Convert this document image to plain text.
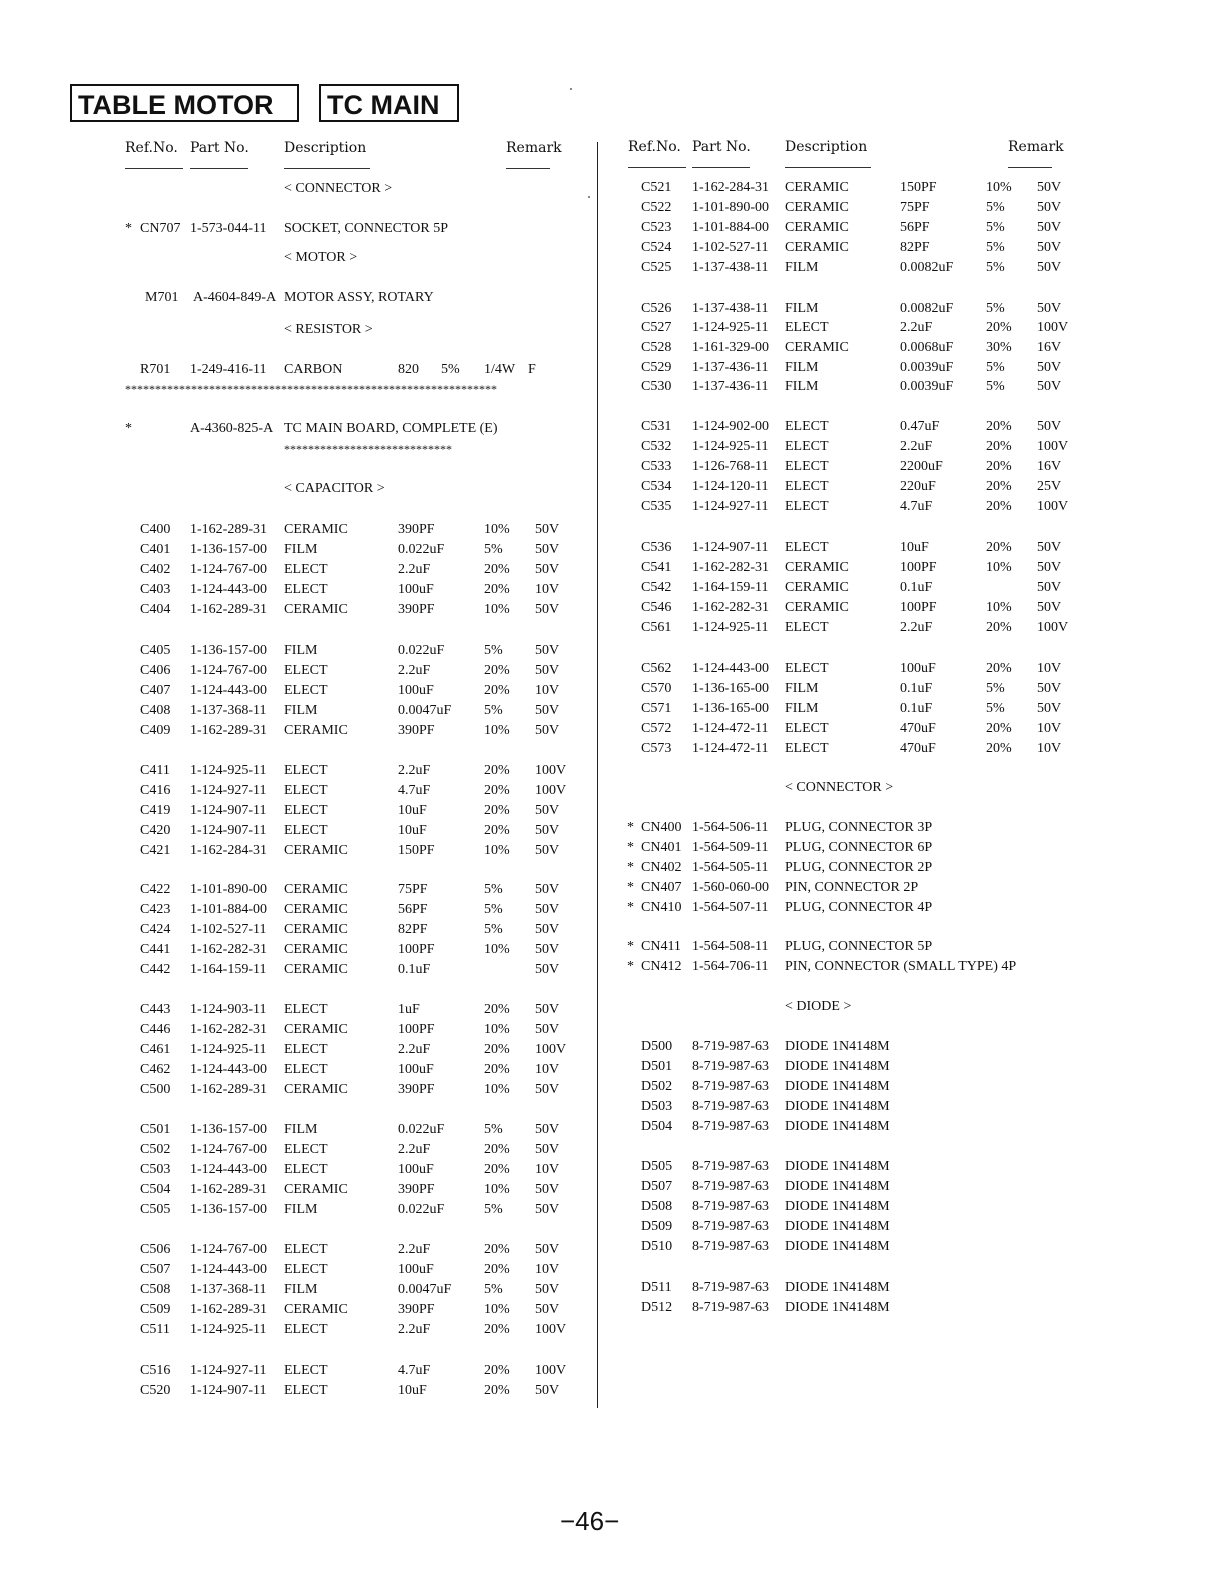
TABLE MOTOR	TC MAIN
Ref.No. Part No.	Description	Remark	Ref.No. Part No. Description	Remark
< CONNECTOR >
* CN707 1-573-044-11 SOCKET, CONNECTOR 5P
< MOTOR >
M701 A-4604-849-A MOTOR ASSY, ROTARY
< RESISTOR >
R701 1-249-416-11 CARBON	820 5% 1/4W F
**************************************************************
*	A-4360-825-A TC MAIN BOARD, COMPLETE (E)
****************************
< CAPACITOR >
C400 1-162-289-31 CERAMIC	390PF	10% 50V
C401 1-136-157-00 FILM	0.022uF	5% 50V
C402 1-124-767-00 ELECT	2.2uF	20% 50V
C403 1-124-443-00 ELECT	100uF	20% 10V
C404 1-162-289-31 CERAMIC	390PF	10% 50V
C405 1-136-157-00 FILM	0.022uF	5% 50V
C406 1-124-767-00 ELECT	2.2uF	20% 50V
C407 1-124-443-00 ELECT	100uF	20% 10V
C408 1-137-368-11 FILM	0.0047uF 5% 50V
C409 1-162-289-31 CERAMIC	390PF	10% 50V
C411 1-124-925-11 ELECT	2.2uF	20% 100V
C416 1-124-927-11 ELECT	4.7uF	20% 100V
C419 1-124-907-11 ELECT	10uF	20% 50V
C420 1-124-907-11 ELECT	10uF	20% 50V
C421 1-162-284-31 CERAMIC	150PF	10% 50V
C422 1-101-890-00 CERAMIC	75PF	5% 50V
C423 1-101-884-00 CERAMIC	56PF	5% 50V
C424 1-102-527-11 CERAMIC	82PF	5% 50V
C441 1-162-282-31 CERAMIC	100PF	10% 50V
C442 1-164-159-11 CERAMIC	0.1uF	50V
C443 1-124-903-11 ELECT	1uF	20% 50V
C446 1-162-282-31 CERAMIC	100PF	10% 50V
C461 1-124-925-11 ELECT	2.2uF	20% 100V
C462 1-124-443-00 ELECT	100uF	20% 10V
C500 1-162-289-31 CERAMIC	390PF	10% 50V
C501 1-136-157-00 FILM	0.022uF	5% 50V
C502 1-124-767-00 ELECT	2.2uF	20% 50V
C503 1-124-443-00 ELECT	100uF	20% 10V
C504 1-162-289-31 CERAMIC	390PF	10% 50V
C505 1-136-157-00 FILM	0.022uF	5% 50V
C506 1-124-767-00 ELECT	2.2uF	20% 50V
C507 1-124-443-00 ELECT	100uF	20% 10V
C508 1-137-368-11 FILM	0.0047uF 5% 50V
C509 1-162-289-31 CERAMIC	390PF	10% 50V
C511 1-124-925-11 ELECT	2.2uF	20% 100V
C516 1-124-927-11 ELECT	4.7uF	20% 100V
C520 1-124-907-11 ELECT	10uF	20% 50V
C521 1-162-284-31 CERAMIC	150PF	10% 50V
C522 1-101-890-00 CERAMIC	75PF	5% 50V
C523 1-101-884-00 CERAMIC	56PF	5% 50V
C524 1-102-527-11 CERAMIC	82PF	5% 50V
C525 1-137-438-11 FILM	0.0082uF 5% 50V
C526 1-137-438-11 FILM	0.0082uF 5% 50V
C527 1-124-925-11 ELECT	2.2uF	20% 100V
C528 1-161-329-00 CERAMIC	0.0068uF 30% 16V
C529 1-137-436-11 FILM	0.0039uF 5% 50V
C530 1-137-436-11 FILM	0.0039uF 5% 50V
C531 1-124-902-00 ELECT	0.47uF	20% 50V
C532 1-124-925-11 ELECT	2.2uF	20% 100V
C533 1-126-768-11 ELECT	2200uF	20% 16V
C534 1-124-120-11 ELECT	220uF	20% 25V
C535 1-124-927-11 ELECT	4.7uF	20% 100V
C536 1-124-907-11 ELECT	10uF	20% 50V
C541 1-162-282-31 CERAMIC	100PF	10% 50V
C542 1-164-159-11 CERAMIC	0.1uF	50V
C546 1-162-282-31 CERAMIC	100PF	10% 50V
C561 1-124-925-11 ELECT	2.2uF	20% 100V
C562 1-124-443-00 ELECT	100uF	20% 10V
C570 1-136-165-00 FILM	0.1uF	5% 50V
C571 1-136-165-00 FILM	0.1uF	5% 50V
C572 1-124-472-11 ELECT	470uF	20% 10V
C573 1-124-472-11 ELECT	470uF	20% 10V
< CONNECTOR >
* CN400 1-564-506-11 PLUG, CONNECTOR 3P
* CN401 1-564-509-11 PLUG, CONNECTOR 6P
* CN402 1-564-505-11 PLUG, CONNECTOR 2P
* CN407 1-560-060-00 PIN, CONNECTOR 2P
* CN410 1-564-507-11 PLUG, CONNECTOR 4P
* CN411 1-564-508-11 PLUG, CONNECTOR 5P
* CN412 1-564-706-11 PIN, CONNECTOR (SMALL TYPE) 4P
< DIODE >
D500 8-719-987-63 DIODE 1N4148M
D501 8-719-987-63 DIODE 1N4148M
D502 8-719-987-63 DIODE 1N4148M
D503 8-719-987-63 DIODE 1N4148M
D504 8-719-987-63 DIODE 1N4148M
D505 8-719-987-63 DIODE 1N4148M
D507 8-719-987-63 DIODE 1N4148M
D508 8-719-987-63 DIODE 1N4148M
D509 8-719-987-63 DIODE 1N4148M
D510 8-719-987-63 DIODE 1N4148M
D511 8-719-987-63 DIODE 1N4148M
D512 8-719-987-63 DIODE 1N4148M
−46−
